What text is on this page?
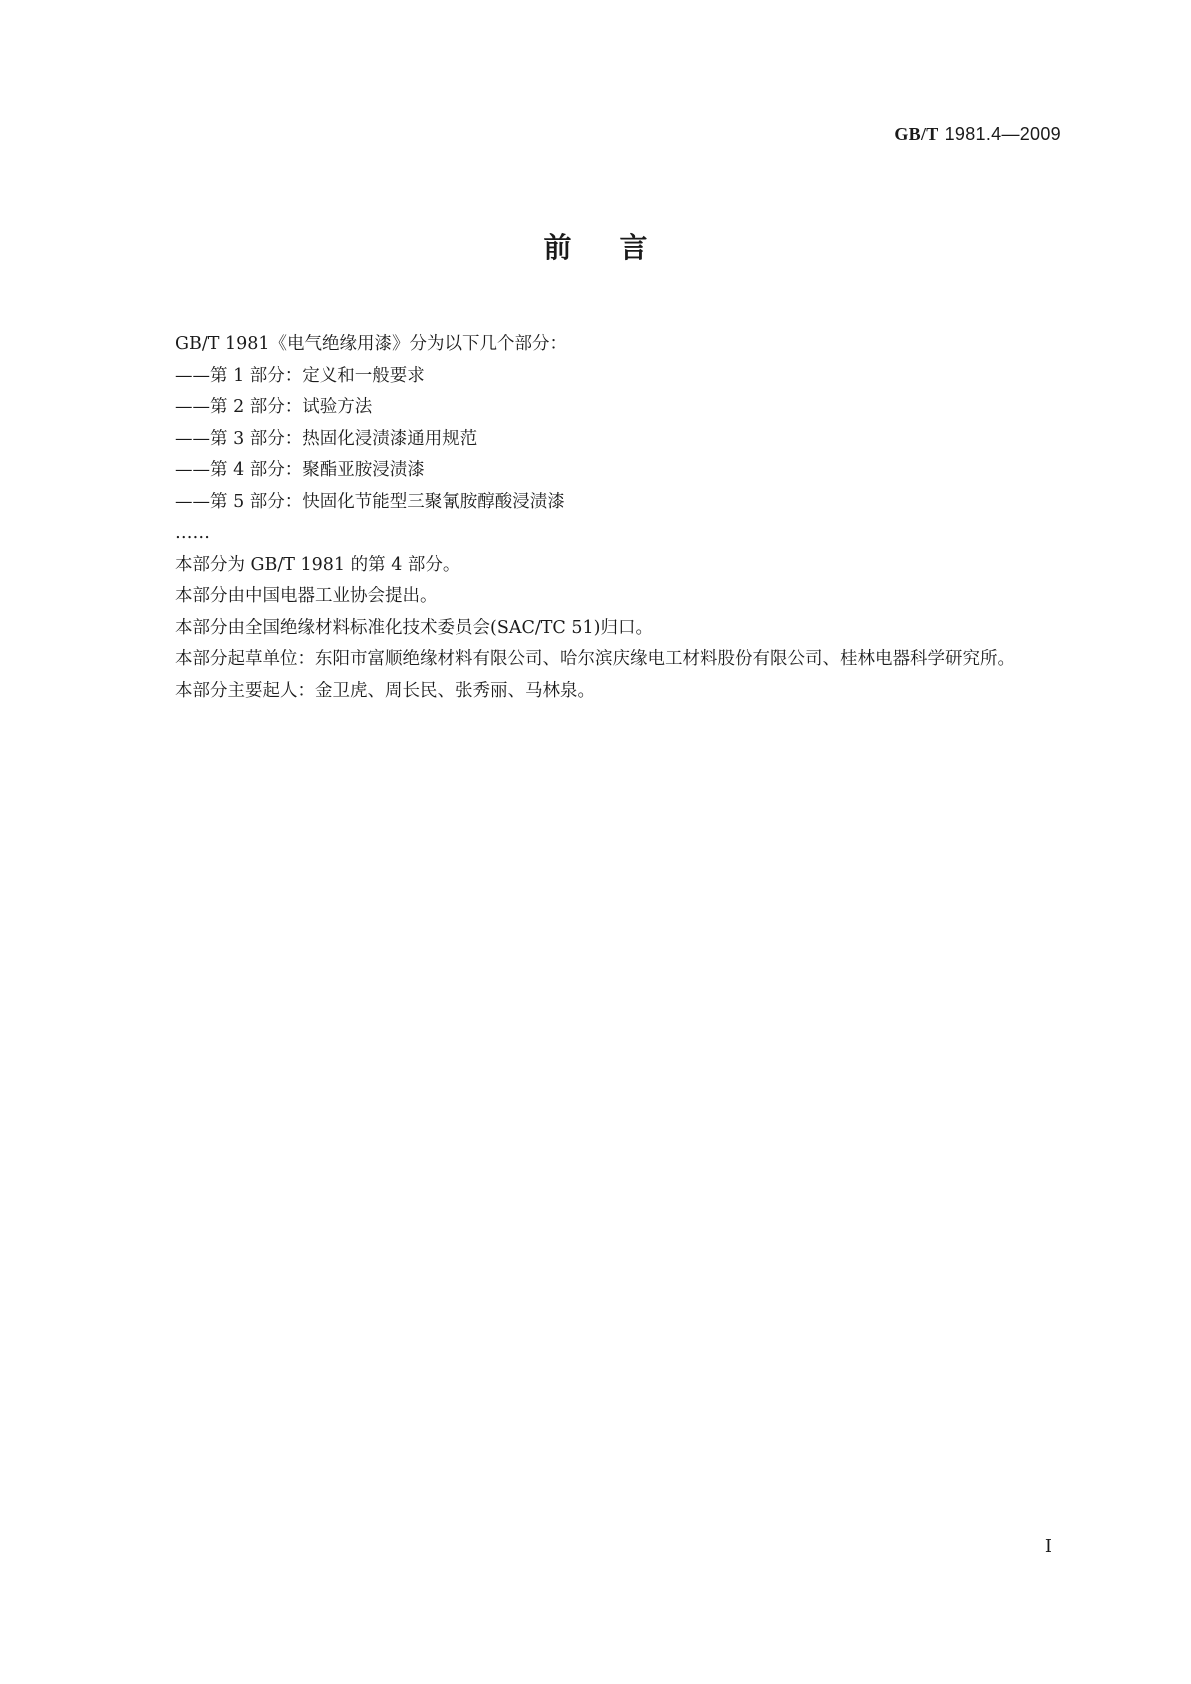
GB/T 1981.4—2009
前言

GB/T 1981《电气绝缘用漆》分为以下几个部分：

——第 1 部分：定义和一般要求

——第 2 部分：试验方法

——第 3 部分：热固化浸渍漆通用规范

——第 4 部分：聚酯亚胺浸渍漆

——第 5 部分：快固化节能型三聚氰胺醇酸浸渍漆

……

本部分为 GB/T 1981 的第 4 部分。

本部分由中国电器工业协会提出。

本部分由全国绝缘材料标准化技术委员会(SAC/TC 51)归口。

本部分起草单位：东阳市富顺绝缘材料有限公司、哈尔滨庆缘电工材料股份有限公司、桂林电器科学研究所。

本部分主要起人：金卫虎、周长民、张秀丽、马林泉。

I
